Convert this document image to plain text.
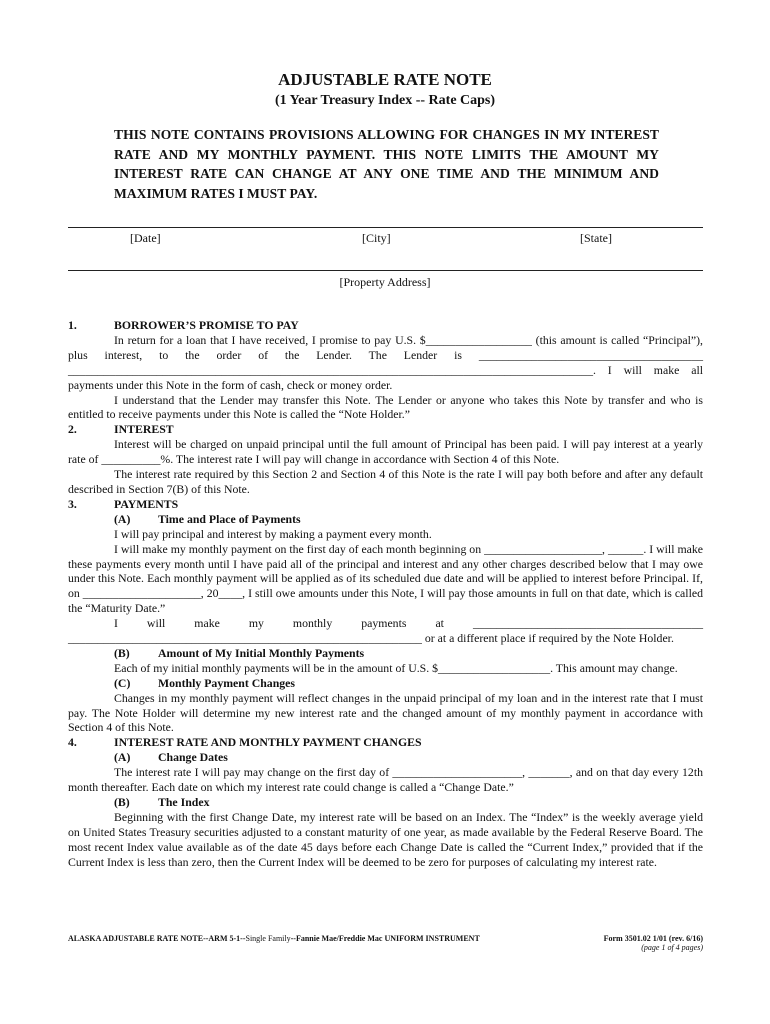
ADJUSTABLE RATE NOTE
(1 Year Treasury Index -- Rate Caps)
THIS NOTE CONTAINS PROVISIONS ALLOWING FOR CHANGES IN MY INTEREST RATE AND MY MONTHLY PAYMENT. THIS NOTE LIMITS THE AMOUNT MY INTEREST RATE CAN CHANGE AT ANY ONE TIME AND THE MINIMUM AND MAXIMUM RATES I MUST PAY.
[Date]	[City]	[State]
[Property Address]
1.	BORROWER’S PROMISE TO PAY

In return for a loan that I have received, I promise to pay U.S. $__________________ (this amount is called “Principal”), plus interest, to the order of the Lender. The Lender is ______________________________________ _________________________________________________________________________________________. I will make all payments under this Note in the form of cash, check or money order.

I understand that the Lender may transfer this Note. The Lender or anyone who takes this Note by transfer and who is entitled to receive payments under this Note is called the “Note Holder.”

2.	INTEREST

Interest will be charged on unpaid principal until the full amount of Principal has been paid. I will pay interest at a yearly rate of __________%. The interest rate I will pay will change in accordance with Section 4 of this Note.

The interest rate required by this Section 2 and Section 4 of this Note is the rate I will pay both before and after any default described in Section 7(B) of this Note.

3.	PAYMENTS
(A)	Time and Place of Payments

I will pay principal and interest by making a payment every month.

I will make my monthly payment on the first day of each month beginning on ____________________, ______. I will make these payments every month until I have paid all of the principal and interest and any other charges described below that I may owe under this Note. Each monthly payment will be applied as of its scheduled due date and will be applied to interest before Principal. If, on ____________________, 20____, I still owe amounts under this Note, I will pay those amounts in full on that date, which is called the “Maturity Date.”

I will make my monthly payments at _______________________________________ ____________________________________________________________ or at a different place if required by the Note Holder.

(B)	Amount of My Initial Monthly Payments

Each of my initial monthly payments will be in the amount of U.S. $___________________. This amount may change.

(C)	Monthly Payment Changes

Changes in my monthly payment will reflect changes in the unpaid principal of my loan and in the interest rate that I must pay. The Note Holder will determine my new interest rate and the changed amount of my monthly payment in accordance with Section 4 of this Note.

4.	INTEREST RATE AND MONTHLY PAYMENT CHANGES
(A)	Change Dates

The interest rate I will pay may change on the first day of ______________________, _______, and on that day every 12th month thereafter. Each date on which my interest rate could change is called a “Change Date.”

(B)	The Index

Beginning with the first Change Date, my interest rate will be based on an Index. The “Index” is the weekly average yield on United States Treasury securities adjusted to a constant maturity of one year, as made available by the Federal Reserve Board. The most recent Index value available as of the date 45 days before each Change Date is called the “Current Index,” provided that if the Current Index is less than zero, then the Current Index will be deemed to be zero for purposes of calculating my interest rate.

ALASKA ADJUSTABLE RATE NOTE--ARM 5-1--Single Family--Fannie Mae/Freddie Mac UNIFORM INSTRUMENT	Form 3501.02 1/01 (rev. 6/16)
(page 1 of 4 pages)
